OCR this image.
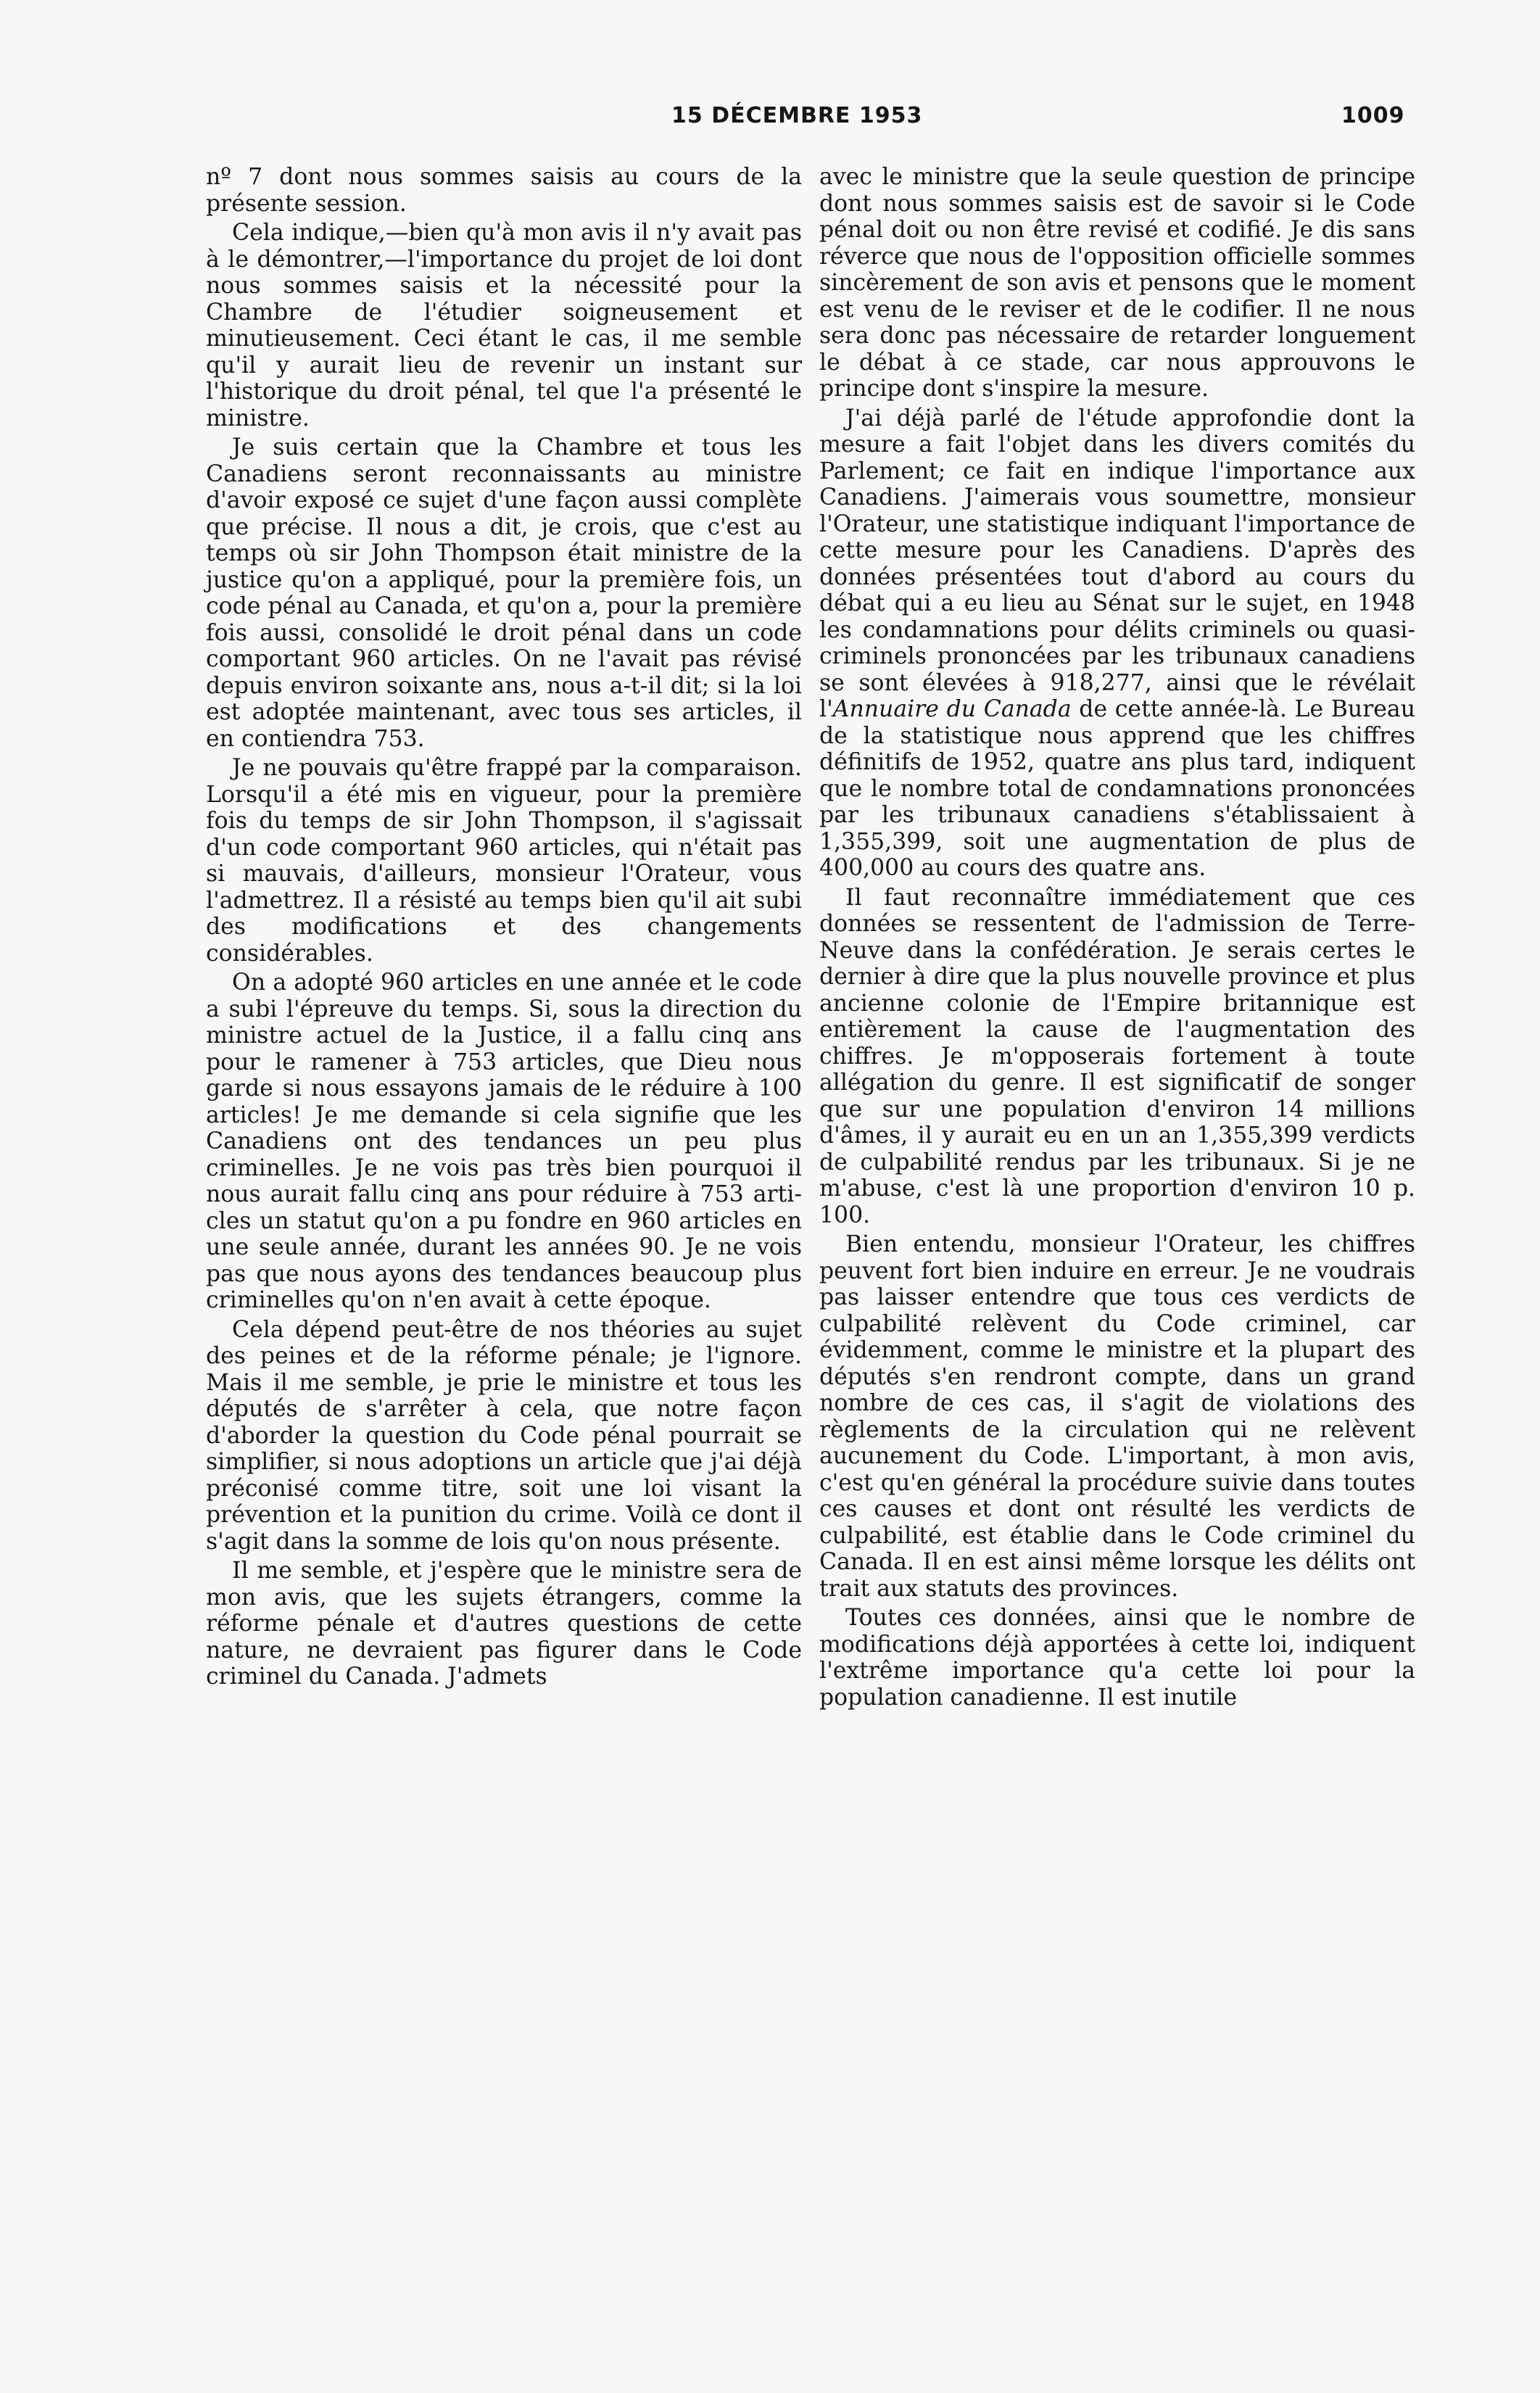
15 DÉCEMBRE 1953	1009

nº 7 dont nous sommes saisis au cours de la présente session.

Cela indique,—bien qu'à mon avis il n'y avait pas à le démontrer,—l'importance du projet de loi dont nous sommes saisis et la nécessité pour la Chambre de l'étudier soigneusement et minutieusement. Ceci étant le cas, il me semble qu'il y aurait lieu de revenir un instant sur l'historique du droit pénal, tel que l'a présenté le ministre.

Je suis certain que la Chambre et tous les Canadiens seront reconnaissants au ministre d'avoir exposé ce sujet d'une façon aussi complète que précise. Il nous a dit, je crois, que c'est au temps où sir John Thompson était ministre de la justice qu'on a appliqué, pour la première fois, un code pénal au Canada, et qu'on a, pour la première fois aussi, consolidé le droit pénal dans un code comportant 960 articles. On ne l'avait pas révisé depuis environ soixante ans, nous a-t-il dit; si la loi est adoptée maintenant, avec tous ses articles, il en contiendra 753.

Je ne pouvais qu'être frappé par la comparaison. Lorsqu'il a été mis en vigueur, pour la première fois du temps de sir John Thompson, il s'agissait d'un code comportant 960 articles, qui n'était pas si mauvais, d'ailleurs, monsieur l'Orateur, vous l'admettrez. Il a résisté au temps bien qu'il ait subi des modifications et des changements considérables.

On a adopté 960 articles en une année et le code a subi l'épreuve du temps. Si, sous la direction du ministre actuel de la Justice, il a fallu cinq ans pour le ramener à 753 articles, que Dieu nous garde si nous essayons jamais de le réduire à 100 articles! Je me demande si cela signifie que les Canadiens ont des tendances un peu plus criminelles. Je ne vois pas très bien pourquoi il nous aurait fallu cinq ans pour réduire à 753 articles un statut qu'on a pu fondre en 960 articles en une seule année, durant les années 90. Je ne vois pas que nous ayons des tendances beaucoup plus criminelles qu'on n'en avait à cette époque.

Cela dépend peut-être de nos théories au sujet des peines et de la réforme pénale; je l'ignore. Mais il me semble, je prie le ministre et tous les députés de s'arrêter à cela, que notre façon d'aborder la question du Code pénal pourrait se simplifier, si nous adoptions un article que j'ai déjà préconisé comme titre, soit une loi visant la prévention et la punition du crime. Voilà ce dont il s'agit dans la somme de lois qu'on nous présente.

Il me semble, et j'espère que le ministre sera de mon avis, que les sujets étrangers, comme la réforme pénale et d'autres questions de cette nature, ne devraient pas figurer dans le Code criminel du Canada. J'admets

avec le ministre que la seule question de principe dont nous sommes saisis est de savoir si le Code pénal doit ou non être revisé et codifié. Je dis sans réverce que nous de l'opposition officielle sommes sincèrement de son avis et pensons que le moment est venu de le reviser et de le codifier. Il ne nous sera donc pas nécessaire de retarder longuement le débat à ce stade, car nous approuvons le principe dont s'inspire la mesure.

J'ai déjà parlé de l'étude approfondie dont la mesure a fait l'objet dans les divers comités du Parlement; ce fait en indique l'importance aux Canadiens. J'aimerais vous soumettre, monsieur l'Orateur, une statistique indiquant l'importance de cette mesure pour les Canadiens. D'après des données présentées tout d'abord au cours du débat qui a eu lieu au Sénat sur le sujet, en 1948 les condamnations pour délits criminels ou quasi-criminels prononcées par les tribunaux canadiens se sont élevées à 918,277, ainsi que le révélait l'Annuaire du Canada de cette année-là. Le Bureau de la statistique nous apprend que les chiffres définitifs de 1952, quatre ans plus tard, indiquent que le nombre total de condamnations prononcées par les tribunaux canadiens s'établissaient à 1,355,399, soit une augmentation de plus de 400,000 au cours des quatre ans.

Il faut reconnaître immédiatement que ces données se ressentent de l'admission de Terre-Neuve dans la confédération. Je serais certes le dernier à dire que la plus nouvelle province et plus ancienne colonie de l'Empire britannique est entièrement la cause de l'augmentation des chiffres. Je m'opposerais fortement à toute allégation du genre. Il est significatif de songer que sur une population d'environ 14 millions d'âmes, il y aurait eu en un an 1,355,399 verdicts de culpabilité rendus par les tribunaux. Si je ne m'abuse, c'est là une proportion d'environ 10 p. 100.

Bien entendu, monsieur l'Orateur, les chiffres peuvent fort bien induire en erreur. Je ne voudrais pas laisser entendre que tous ces verdicts de culpabilité relèvent du Code criminel, car évidemment, comme le ministre et la plupart des députés s'en rendront compte, dans un grand nombre de ces cas, il s'agit de violations des règlements de la circulation qui ne relèvent aucunement du Code. L'important, à mon avis, c'est qu'en général la procédure suivie dans toutes ces causes et dont ont résulté les verdicts de culpabilité, est établie dans le Code criminel du Canada. Il en est ainsi même lorsque les délits ont trait aux statuts des provinces.

Toutes ces données, ainsi que le nombre de modifications déjà apportées à cette loi, indiquent l'extrême importance qu'a cette loi pour la population canadienne. Il est inutile
